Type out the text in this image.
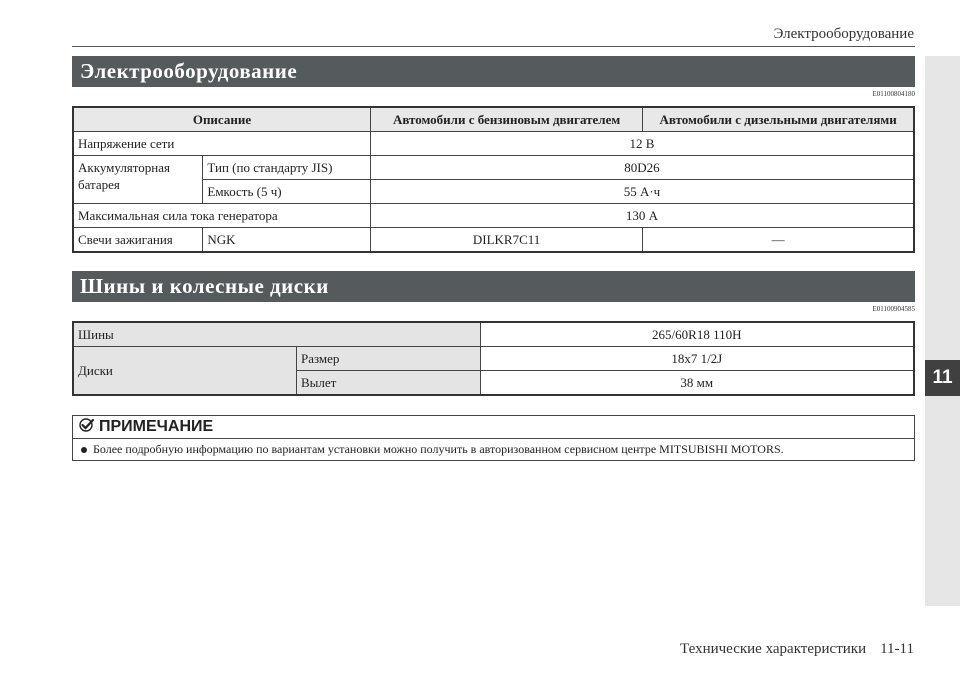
Электрооборудование
11
Электрооборудование
E01100804180
Описание		Автомобили с бензиновым двигателем	Автомобили с дизельными двигателями
Напряжение сети		12 В	
Аккумуляторная батарея	Тип (по стандарту JIS)	80D26	
	Емкость (5 ч)	55 А·ч	
Максимальная сила тока генератора		130 А	
Свечи зажигания	NGK	DILKR7C11	—
Шины и колесные диски
E01100904585
Шины		265/60R18 110H
Диски	Размер	18x7 1/2J
	Вылет	38 мм
ПРИМЕЧАНИЕ
Более подробную информацию по вариантам установки можно получить в авторизованном сервисном центре MITSUBISHI MOTORS.
Технические характеристики 11-11
